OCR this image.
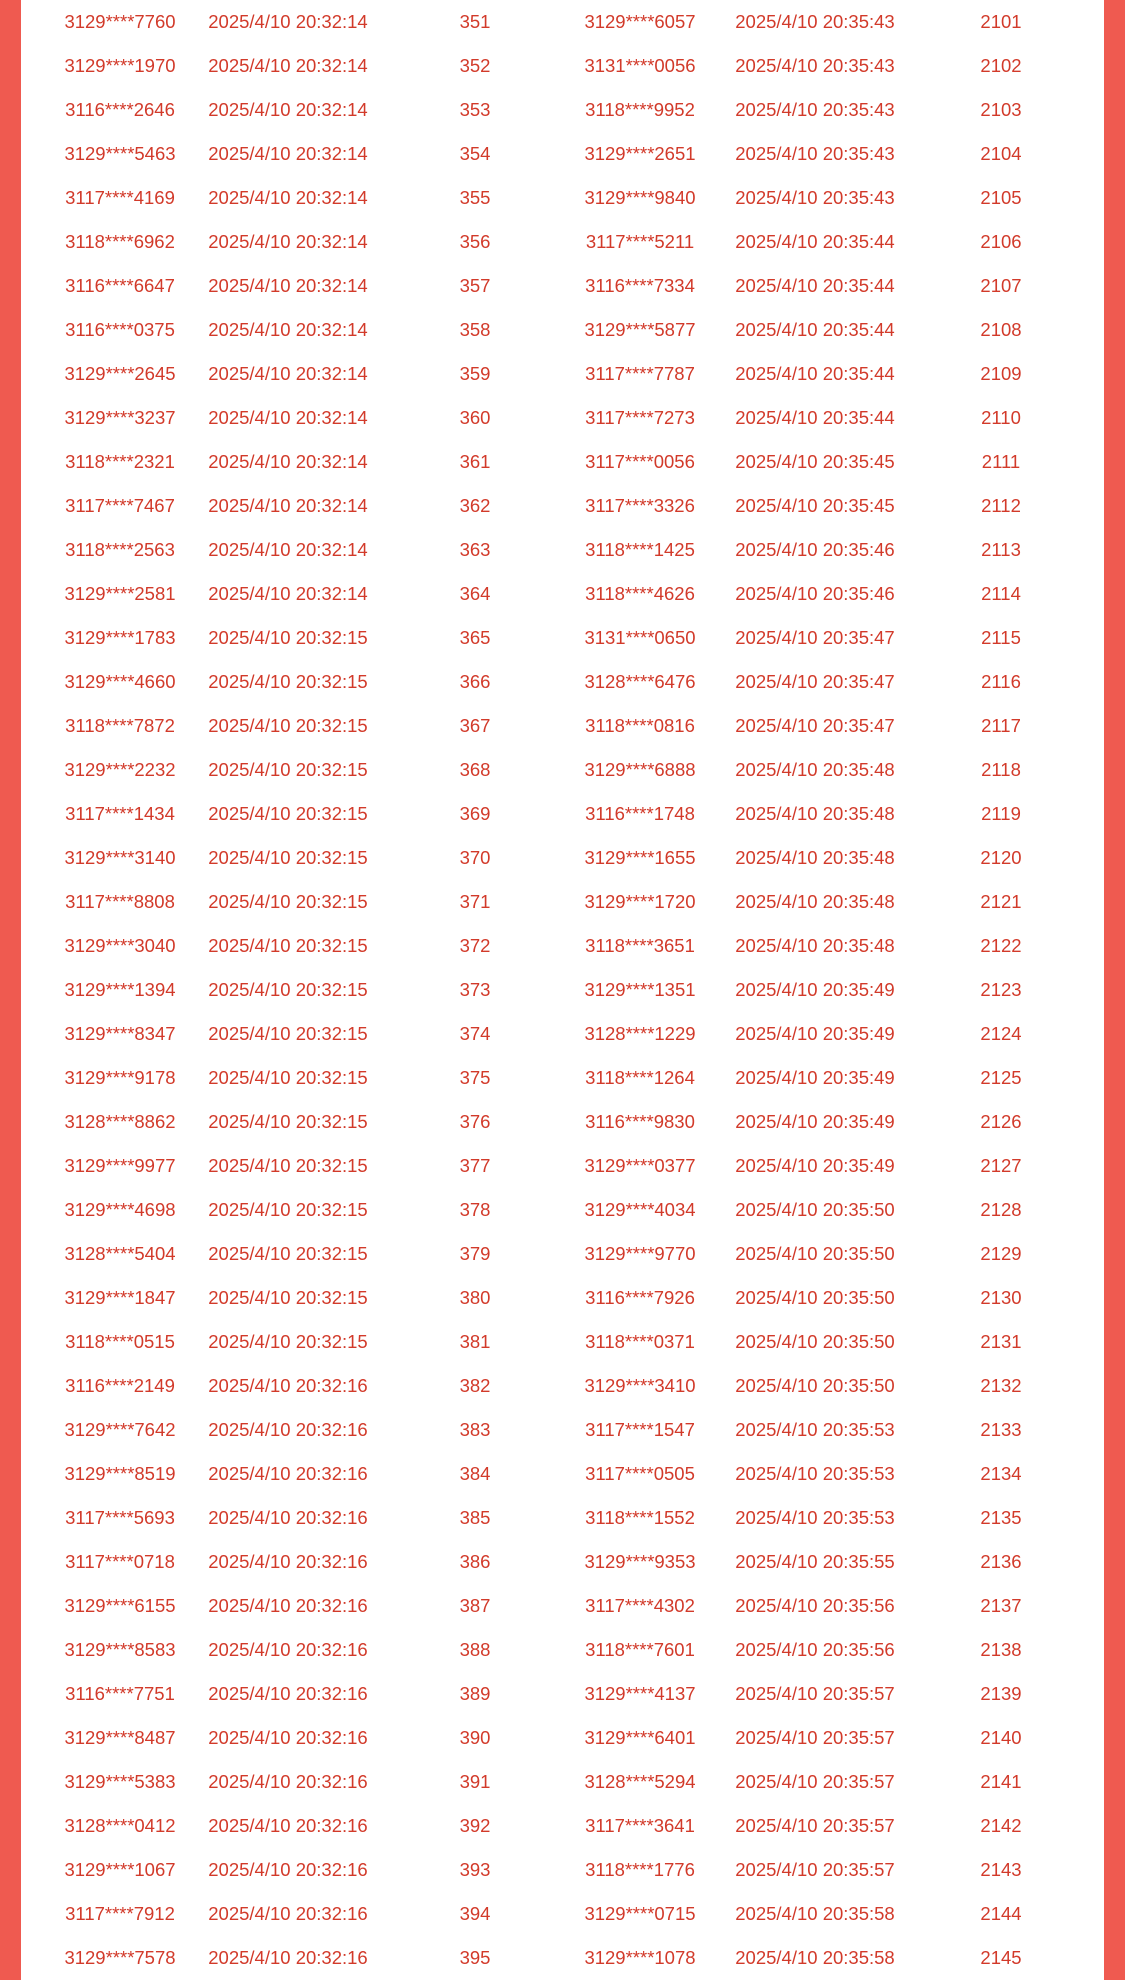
3129****7760 2025/4/10 20:32:14	351	3129****6057 2025/4/10 20:35:43	2101
3129****1970 2025/4/10 20:32:14	352	3131****0056 2025/4/10 20:35:43	2102
3116****2646 2025/4/10 20:32:14	353	3118****9952 2025/4/10 20:35:43	2103
3129****5463 2025/4/10 20:32:14	354	3129****2651 2025/4/10 20:35:43	2104
3117****4169 2025/4/10 20:32:14	355	3129****9840 2025/4/10 20:35:43	2105
3118****6962 2025/4/10 20:32:14	356	3117****5211 2025/4/10 20:35:44	2106
3116****6647 2025/4/10 20:32:14	357	3116****7334 2025/4/10 20:35:44	2107
3116****0375 2025/4/10 20:32:14	358	3129****5877 2025/4/10 20:35:44	2108
3129****2645 2025/4/10 20:32:14	359	3117****7787 2025/4/10 20:35:44	2109
3129****3237 2025/4/10 20:32:14	360	3117****7273 2025/4/10 20:35:44	2110
3118****2321 2025/4/10 20:32:14	361	3117****0056 2025/4/10 20:35:45	2111
3117****7467 2025/4/10 20:32:14	362	3117****3326 2025/4/10 20:35:45	2112
3118****2563 2025/4/10 20:32:14	363	3118****1425 2025/4/10 20:35:46	2113
3129****2581 2025/4/10 20:32:14	364	3118****4626 2025/4/10 20:35:46	2114
3129****1783 2025/4/10 20:32:15	365	3131****0650 2025/4/10 20:35:47	2115
3129****4660 2025/4/10 20:32:15	366	3128****6476 2025/4/10 20:35:47	2116
3118****7872 2025/4/10 20:32:15	367	3118****0816 2025/4/10 20:35:47	2117
3129****2232 2025/4/10 20:32:15	368	3129****6888 2025/4/10 20:35:48	2118
3117****1434 2025/4/10 20:32:15	369	3116****1748 2025/4/10 20:35:48	2119
3129****3140 2025/4/10 20:32:15	370	3129****1655 2025/4/10 20:35:48	2120
3117****8808 2025/4/10 20:32:15	371	3129****1720 2025/4/10 20:35:48	2121
3129****3040 2025/4/10 20:32:15	372	3118****3651 2025/4/10 20:35:48	2122
3129****1394 2025/4/10 20:32:15	373	3129****1351 2025/4/10 20:35:49	2123
3129****8347 2025/4/10 20:32:15	374	3128****1229 2025/4/10 20:35:49	2124
3129****9178 2025/4/10 20:32:15	375	3118****1264 2025/4/10 20:35:49	2125
3128****8862 2025/4/10 20:32:15	376	3116****9830 2025/4/10 20:35:49	2126
3129****9977 2025/4/10 20:32:15	377	3129****0377 2025/4/10 20:35:49	2127
3129****4698 2025/4/10 20:32:15	378	3129****4034 2025/4/10 20:35:50	2128
3128****5404 2025/4/10 20:32:15	379	3129****9770 2025/4/10 20:35:50	2129
3129****1847 2025/4/10 20:32:15	380	3116****7926 2025/4/10 20:35:50	2130
3118****0515 2025/4/10 20:32:15	381	3118****0371 2025/4/10 20:35:50	2131
3116****2149 2025/4/10 20:32:16	382	3129****3410 2025/4/10 20:35:50	2132
3129****7642 2025/4/10 20:32:16	383	3117****1547 2025/4/10 20:35:53	2133
3129****8519 2025/4/10 20:32:16	384	3117****0505 2025/4/10 20:35:53	2134
3117****5693 2025/4/10 20:32:16	385	3118****1552 2025/4/10 20:35:53	2135
3117****0718 2025/4/10 20:32:16	386	3129****9353 2025/4/10 20:35:55	2136
3129****6155 2025/4/10 20:32:16	387	3117****4302 2025/4/10 20:35:56	2137
3129****8583 2025/4/10 20:32:16	388	3118****7601 2025/4/10 20:35:56	2138
3116****7751 2025/4/10 20:32:16	389	3129****4137 2025/4/10 20:35:57	2139
3129****8487 2025/4/10 20:32:16	390	3129****6401 2025/4/10 20:35:57	2140
3129****5383 2025/4/10 20:32:16	391	3128****5294 2025/4/10 20:35:57	2141
3128****0412 2025/4/10 20:32:16	392	3117****3641 2025/4/10 20:35:57	2142
3129****1067 2025/4/10 20:32:16	393	3118****1776 2025/4/10 20:35:57	2143
3117****7912 2025/4/10 20:32:16	394	3129****0715 2025/4/10 20:35:58	2144
3129****7578 2025/4/10 20:32:16	395	3129****1078 2025/4/10 20:35:58	2145
